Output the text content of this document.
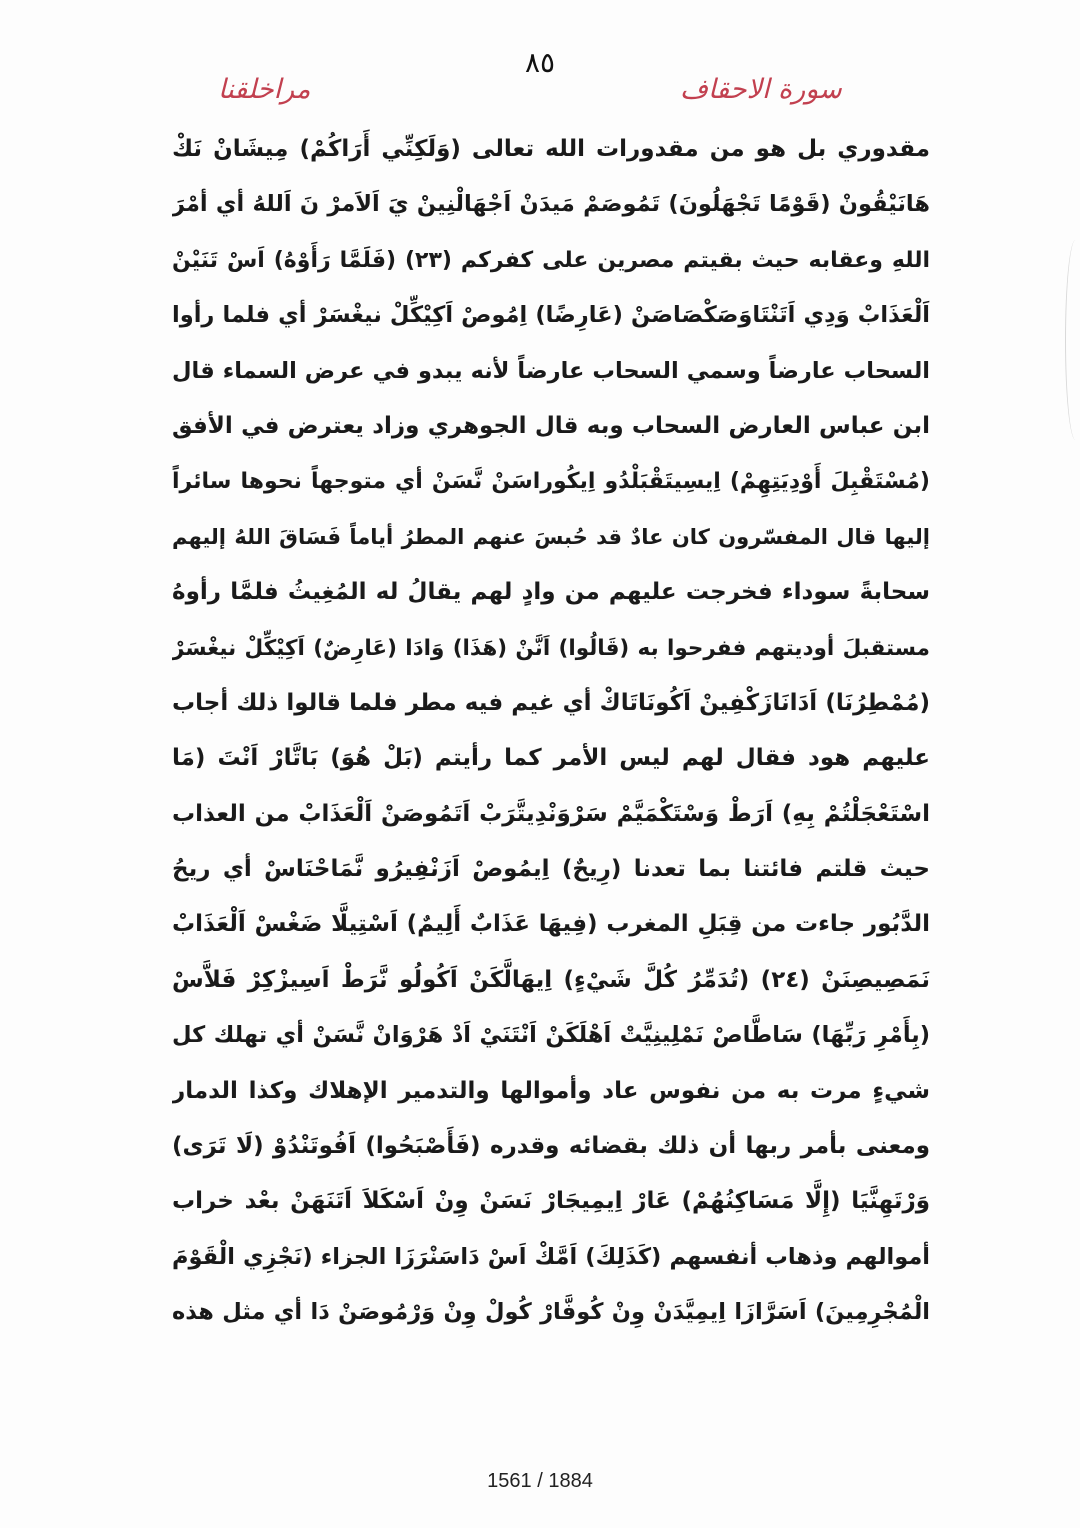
٨٥
مراخلقنا	سورة الاحقاف
مقدوري بل هو من مقدورات الله تعالى (وَلَكِنِّي أَرَاكُمْ) مِيشَانْ نَكْ
هَانَيْقُونْ (قَوْمًا تَجْهَلُونَ) تَمُوصَمْ مَيدَنْ اَجْهَالْنِينْ يَ اَلاَمرْ نَ اَللهُ أي أمْرَ
اللهِ وعقابه حيث بقيتم مصرين على كفركم (٢٣) (فَلَمَّا رَأَوْهُ) اَسْ تَنَيْنْ
اَلْعَذَابْ وَدِي اَتَنْتَاوَصَكْصَاصَنْ (عَارِضًا) اِمُوصْ اَكِيْكِّلْ نيغْسَرْ أي فلما رأوا
السحاب عارضاً وسمي السحاب عارضاً لأنه يبدو في عرض السماء قال
ابن عباس العارض السحاب وبه قال الجوهري وزاد يعترض في الأفق
(مُسْتَقْبِلَ أَوْدِيَتِهِمْ) اِيسِيتَقْبَلْدُو اِيكُوراسَنْ نَّسَنْ أي متوجهاً نحوها سائراً
إليها قال المفسّرون كان عادٌ قد حُبسَ عنهم المطرُ أياماً فَسَاقَ اللهُ إليهم
سحابةً سوداء فخرجت عليهم من وادٍ لهم يقالُ له المُغِيثُ فلمَّا رأوهُ
مستقبلَ أوديتهم ففرحوا به (قَالُوا) اَنَّنْ (هَذَا) وَادَا (عَارِضٌ) اَكِيْكِّلْ نيغْسَرْ
(مُمْطِرُنَا) اَدَانَازَكْفِينْ اَكُونَاتَاكْ أي غيم فيه مطر فلما قالوا ذلك أجاب
عليهم هود فقال لهم ليس الأمر كما رأيتم (بَلْ هُوَ) بَاتَّارْ اَنْتَ (مَا
اسْتَعْجَلْتُمْ بِهِ) اَرَطْ وَسْتَكْمَيَّمْ سَرْوَنْدِيتَّرَبْ اَتَمُوصَنْ اَلْعَذَابْ من العذاب
حيث قلتم فائتنا بما تعدنا (رِيحٌ) اِيمُوصْ اَزَنْفِيرُو نَّمَاحْنَاسْ أي ريحُ
الدَّبُور جاءت من قِبَلِ المغرب (فِيهَا عَذَابٌ أَلِيمٌ) اَسْتِيلَّا ضَغْسْ اَلْعَذَابْ
نَمَصِيصِنَنْ (٢٤) (تُدَمِّرُ كُلَّ شَيْءٍ) اِيهَالَّكَنْ اَكُولُو نَّرَطْ اَسِيزْكِرْ فَلاَّسْ
(بِأَمْرِ رَبِّهَا) سَاطَّاصْ نَمْلِينِيَّتْ اَهْلَكَنْ اَنْتَنَيْ اَدْ هَرْوَانْ نَّسَنْ أي تهلك كل
شيءٍ مرت به من نفوس عاد وأموالها والتدمير الإهلاك وكذا الدمار
ومعنى بأمر ربها أن ذلك بقضائه وقدره (فَأَصْبَحُوا) اَفُوتَنْدُوْ (لَا تَرَى)
وَرْتَهِنَّيَا (إِلَّا مَسَاكِنُهُمْ) عَارْ اِيمِيجَارْ نَسَنْ وِنْ اَسْكَلاَ اَتَنَهَنْ بعْد خراب
أموالهم وذهاب أنفسهم (كَذَلِكَ) اَمَّكْ اَسْ دَاسَنْرَزَا الجزاء (نَجْزِي الْقَوْمَ
الْمُجْرِمِينَ) اَسَرَّازَا اِيمِيَّدَنْ وِنْ كُوفَّارْ كُولْ وِنْ وَرْمُوصَنْ دَا أي مثل هذه
1561 / 1884
